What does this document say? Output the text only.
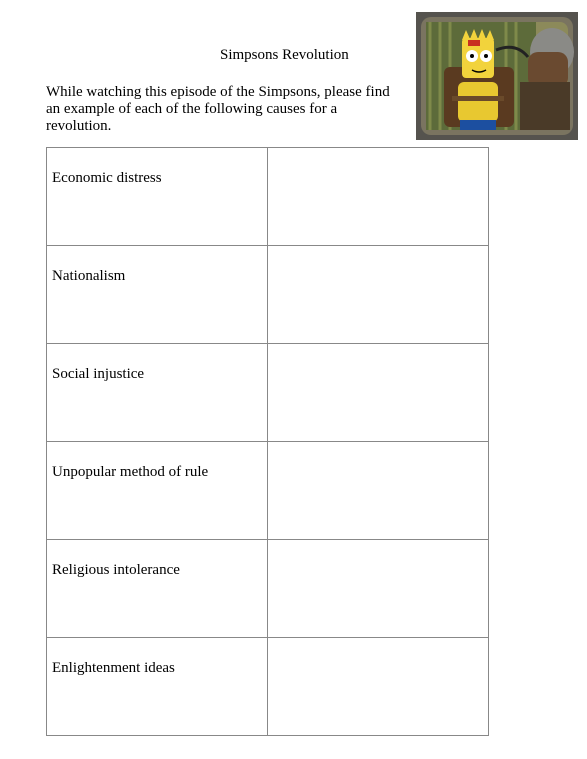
Simpsons Revolution
While watching this episode of the Simpsons, please find an example of each of the following causes for a revolution.
Economic distress	

Nationalism	

Social injustice	

Unpopular method of rule	

Religious intolerance	

Enlightenment ideas	
